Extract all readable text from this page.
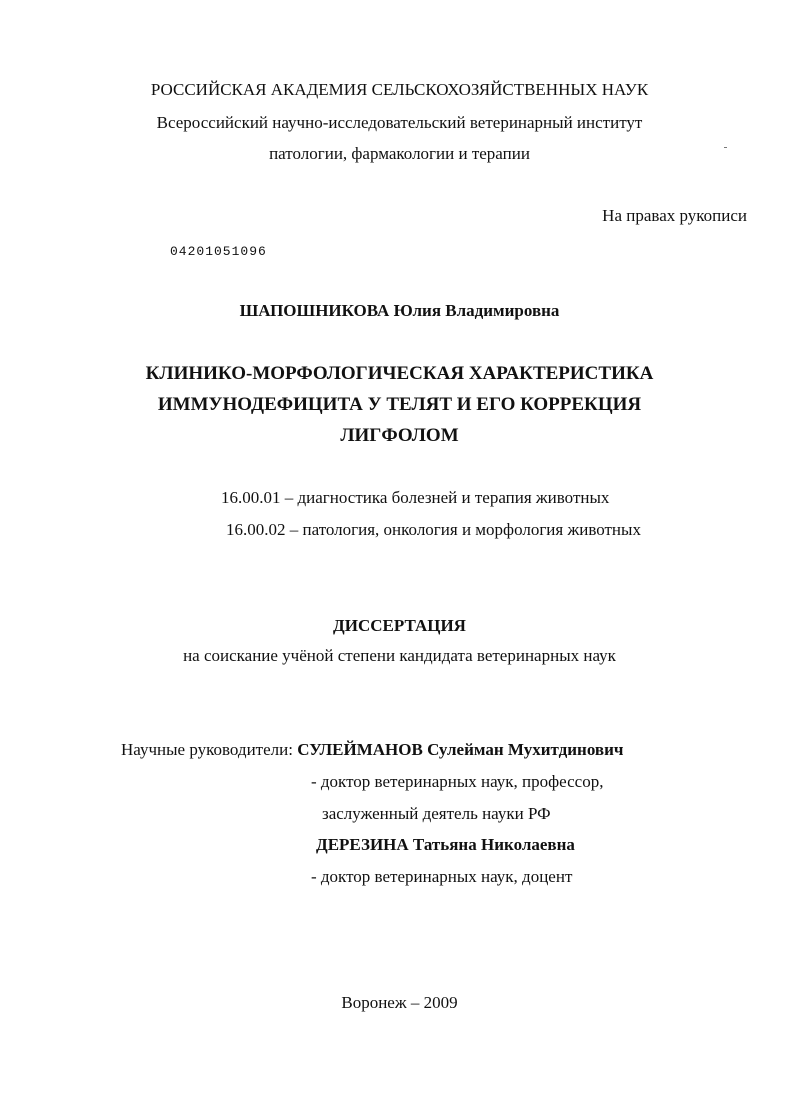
РОССИЙСКАЯ АКАДЕМИЯ СЕЛЬСКОХОЗЯЙСТВЕННЫХ НАУК
Всероссийский научно-исследовательский ветеринарный институт
патологии, фармакологии и терапии
На правах рукописи
04201051096
ШАПОШНИКОВА Юлия Владимировна
КЛИНИКО-МОРФОЛОГИЧЕСКАЯ ХАРАКТЕРИСТИКА
ИММУНОДЕФИЦИТА У ТЕЛЯТ И ЕГО КОРРЕКЦИЯ
ЛИГФОЛОМ
16.00.01 – диагностика болезней и терапия животных
16.00.02 – патология, онкология и морфология животных
ДИССЕРТАЦИЯ
на соискание учёной степени кандидата ветеринарных наук
Научные руководители: СУЛЕЙМАНОВ Сулейман Мухитдинович
- доктор ветеринарных наук, профессор,
заслуженный деятель науки РФ
ДЕРЕЗИНА Татьяна Николаевна
- доктор ветеринарных наук, доцент
Воронеж – 2009
